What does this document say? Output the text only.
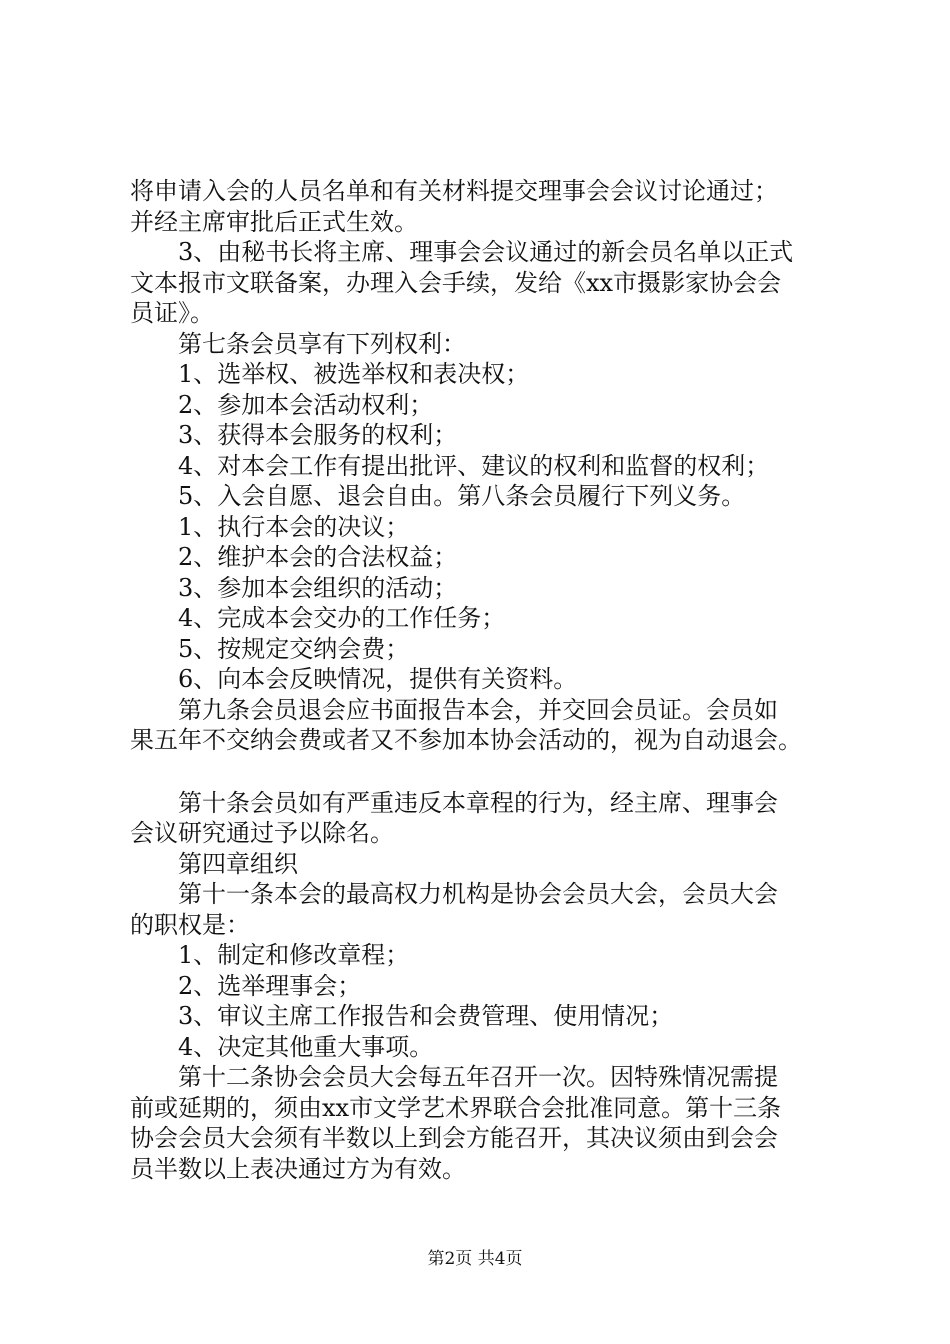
将申请入会的人员名单和有关材料提交理事会会议讨论通过；
并经主席审批后正式生效。
3、由秘书长将主席、理事会会议通过的新会员名单以正式
文本报市文联备案，办理入会手续，发给《xx市摄影家协会会
员证》。
第七条会员享有下列权利：
1、选举权、被选举权和表决权；
2、参加本会活动权利；
3、获得本会服务的权利；
4、对本会工作有提出批评、建议的权利和监督的权利；
5、入会自愿、退会自由。第八条会员履行下列义务。
1、执行本会的决议；
2、维护本会的合法权益；
3、参加本会组织的活动；
4、完成本会交办的工作任务；
5、按规定交纳会费；
6、向本会反映情况，提供有关资料。
第九条会员退会应书面报告本会，并交回会员证。会员如
果五年不交纳会费或者又不参加本协会活动的，视为自动退会。
第十条会员如有严重违反本章程的行为，经主席、理事会
会议研究通过予以除名。
第四章组织
第十一条本会的最高权力机构是协会会员大会，会员大会
的职权是：
1、制定和修改章程；
2、选举理事会；
3、审议主席工作报告和会费管理、使用情况；
4、决定其他重大事项。
第十二条协会会员大会每五年召开一次。因特殊情况需提
前或延期的，须由xx市文学艺术界联合会批准同意。第十三条
协会会员大会须有半数以上到会方能召开，其决议须由到会会
员半数以上表决通过方为有效。
第2页 共4页
